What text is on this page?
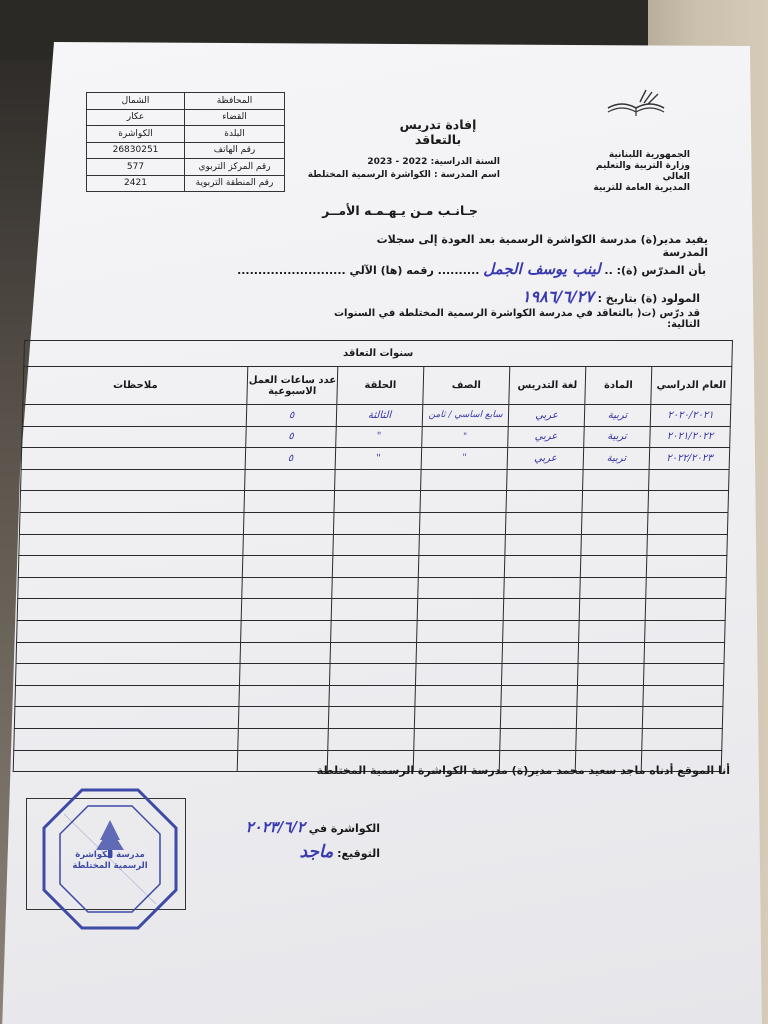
الشمال	المحافظة
عكار	القضاء
الكواشرة	البلدة
26830251	رقم الهاتف
577	رقم المركز التربوي
2421	رقم المنطقة التربوية
الجمهورية اللبنانية
وزارة التربية والتعليم العالي
المديرية العامة للتربية
إفادة تدريس بالتعاقد
السنة الدراسية: 2022 - 2023
اسم المدرسة : الكواشرة الرسمية المختلطة
جـانـب مـن يـهـمـه الأمــر
يفيد مدير(ة) مدرسة الكواشرة الرسمية بعد العودة إلى سجلات المدرسة
بأن المدرّس (ة): .. لينب يوسف الجمل .......... رقمه (ها) الآلي ..........................
المولود (ة) بتاريخ : ١٩٨٦/٦/٢٧
قد درّس (ت( بالتعاقد في مدرسة الكواشرة الرسمية المختلطة في السنوات التالية:
سنوات التعاقد						
العام الدراسي	المادة	لغة التدريس	الصف	الحلقة	عدد ساعات العمل الاسبوعية	ملاحظات
٢٠٢٠/٢٠٢١	تربية	عربي	سابع اساسي / ثامن	الثالثة	٥	
٢٠٢١/٢٠٢٢	تربية	عربي	"	"	٥	
٢٠٢٢/٢٠٢٣	تربية	عربي	"	"	٥	

أنا الموقع أدناه ماجد سعيد محمد مدير(ة) مدرسة الكواشرة الرسمية المختلطة
الكواشرة في ٢٠٢٣/٦/٢
التوقيع: ماجد
مدرسة الكواشرة الرسمية المختلطة
